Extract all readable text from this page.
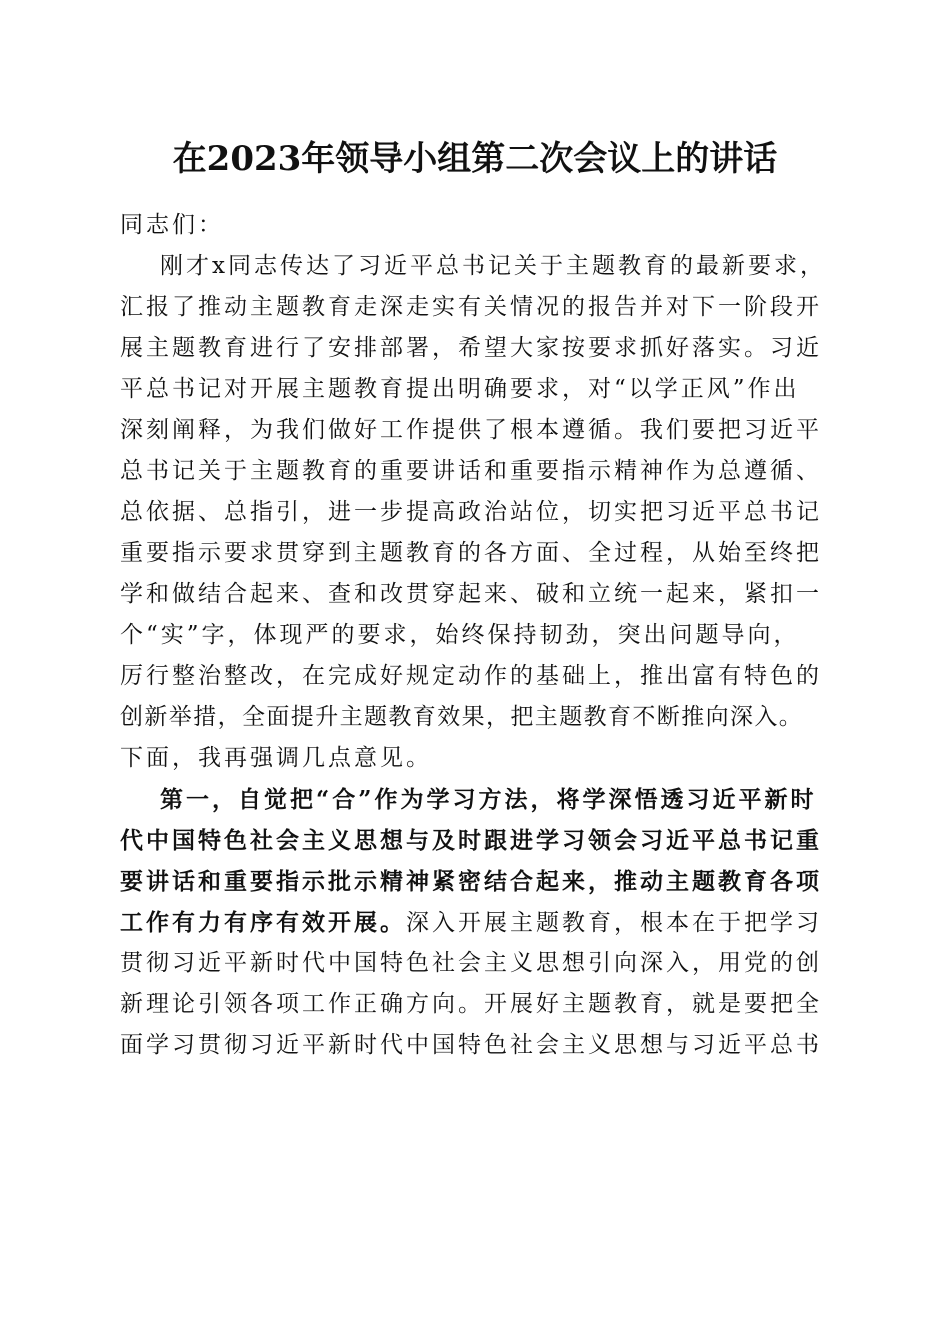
在2023年领导小组第二次会议上的讲话
同志们：
刚才x同志传达了习近平总书记关于主题教育的最新要求，
汇报了推动主题教育走深走实有关情况的报告并对下一阶段开
展主题教育进行了安排部署，希望大家按要求抓好落实。习近
平总书记对开展主题教育提出明确要求，对“以学正风”作出
深刻阐释，为我们做好工作提供了根本遵循。我们要把习近平
总书记关于主题教育的重要讲话和重要指示精神作为总遵循、
总依据、总指引，进一步提高政治站位，切实把习近平总书记
重要指示要求贯穿到主题教育的各方面、全过程，从始至终把
学和做结合起来、查和改贯穿起来、破和立统一起来，紧扣一
个“实”字，体现严的要求，始终保持韧劲，突出问题导向，
厉行整治整改，在完成好规定动作的基础上，推出富有特色的
创新举措，全面提升主题教育效果，把主题教育不断推向深入。
下面，我再强调几点意见。
第一，自觉把“合”作为学习方法，将学深悟透习近平新时
代中国特色社会主义思想与及时跟进学习领会习近平总书记重
要讲话和重要指示批示精神紧密结合起来，推动主题教育各项
工作有力有序有效开展。深入开展主题教育，根本在于把学习
贯彻习近平新时代中国特色社会主义思想引向深入，用党的创
新理论引领各项工作正确方向。开展好主题教育，就是要把全
面学习贯彻习近平新时代中国特色社会主义思想与习近平总书
